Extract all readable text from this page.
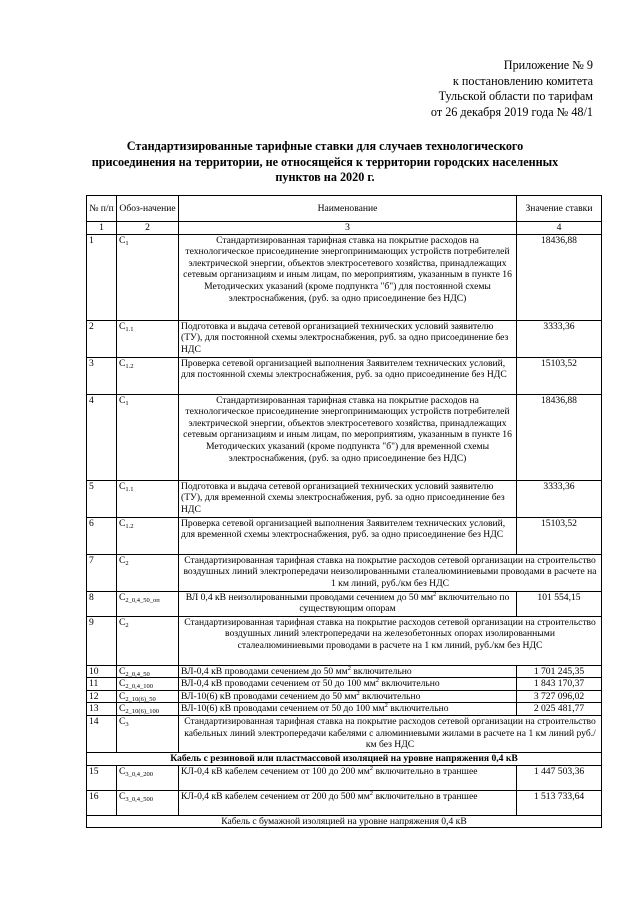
Приложение № 9
к постановлению комитета
Тульской области по тарифам
от 26 декабря 2019 года № 48/1
Стандартизированные тарифные ставки для случаев технологического
присоединения на территории, не относящейся к территории городских населенных
пунктов на 2020 г.
№ п/п	Обоз-начение	Наименование	Значение ставки
1	2	3	4
1	$C_1$	Стандартизированная тарифная ставка на покрытие расходов на технологическое присоединение энергопринимающих устройств потребителей электрической энергии, объектов электросетевого хозяйства, принадлежащих сетевым организациям и иным лицам, по мероприятиям, указанным в пункте 16 Методических указаний (кроме подпункта "б") для постоянной схемы электроснабжения, (руб. за одно присоединение без НДС)	18436,88
2	$C_{1.1}$	Подготовка и выдача сетевой организацией технических условий заявителю (ТУ), для постоянной схемы электроснабжения, руб. за одно присоединение без НДС	3333,36
3	$C_{1.2}$	Проверка сетевой организацией выполнения Заявителем технических условий, для постоянной схемы электроснабжения, руб. за одно присоединение без НДС	15103,52
4	$C_1$	Стандартизированная тарифная ставка на покрытие расходов на технологическое присоединение энергопринимающих устройств потребителей электрической энергии, объектов электросетевого хозяйства, принадлежащих сетевым организациям и иным лицам, по мероприятиям, указанным в пункте 16 Методических указаний (кроме подпункта "б") для временной схемы электроснабжения, (руб. за одно присоединение без НДС)	18436,88
5	$C_{1.1}$	Подготовка и выдача сетевой организацией технических условий заявителю (ТУ), для временной схемы электроснабжения, руб. за одно присоединение без НДС	3333,36
6	$C_{1.2}$	Проверка сетевой организацией выполнения Заявителем технических условий, для временной схемы электроснабжения, руб. за одно присоединение без НДС	15103,52
7	$C_2$	Стандартизированная тарифная ставка на покрытие расходов сетевой организации на строительство воздушных линий электропередачи неизолированными сталеалюминиевыми проводами в расчете на 1 км линий, руб./км без НДС	
8	$C_{2\_0,4\_50\_оп}$	ВЛ 0,4 кВ неизолированными проводами сечением до 50 $мм^2$ включительно по существующим опорам	101 554,15
9	$C_2$	Стандартизированная тарифная ставка на покрытие расходов сетевой организации на строительство воздушных линий электропередачи на железобетонных опорах изолированными сталеалюминиевыми проводами в расчете на 1 км линий, руб./км без НДС	
10	$C_{2\_0,4\_50}$	ВЛ-0,4 кВ проводами сечением до 50 $мм^2$ включительно	1 701 245,35
11	$C_{2\_0,4\_100}$	ВЛ-0,4 кВ проводами сечением от 50 до 100 $мм^2$ включительно	1 843 170,37
12	$C_{2\_10(6)\_50}$	ВЛ-10(6) кВ проводами сечением до 50 $мм^2$ включительно	3 727 096,02
13	$C_{2\_10(6)\_100}$	ВЛ-10(6) кВ проводами сечением от 50 до 100 $мм^2$ включительно	2 025 481,77
14	$C_3$	Стандартизированная тарифная ставка на покрытие расходов сетевой организации на строительство кабельных линий электропередачи кабелями с алюминиевыми жилами в расчете на 1 км линий руб./км без НДС	
Кабель с резиновой или пластмассовой изоляцией на уровне напряжения 0,4 кВ			
15	$C_{3\_0,4\_200}$	КЛ-0,4 кВ кабелем сечением от 100 до 200 $мм^2$ включительно в траншее	1 447 503,36
16	$C_{3\_0,4\_500}$	КЛ-0,4 кВ кабелем сечением от 200 до 500 $мм^2$ включительно в траншее	1 513 733,64
Кабель с бумажной изоляцией на уровне напряжения 0,4 кВ			
